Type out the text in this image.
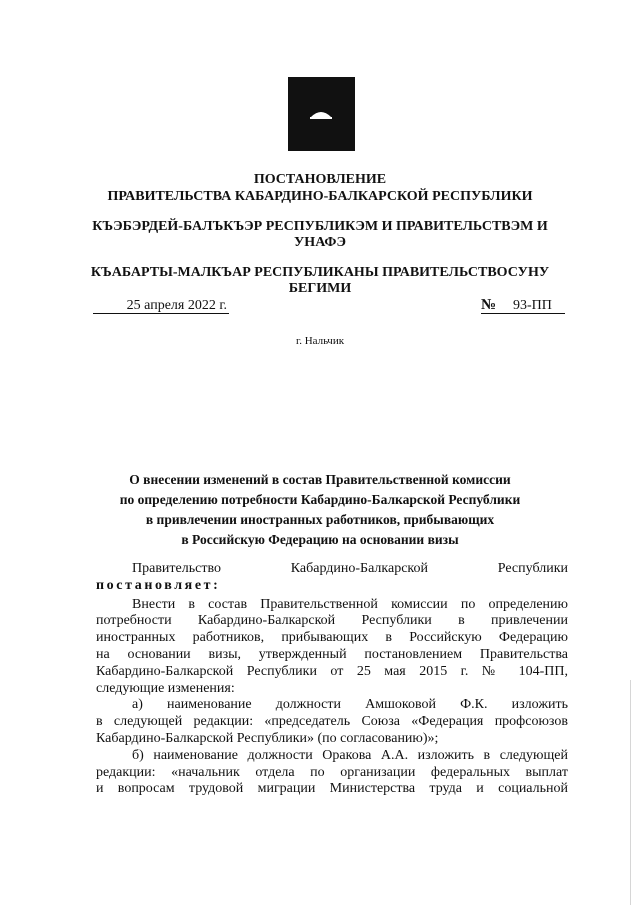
ПОСТАНОВЛЕНИЕ
ПРАВИТЕЛЬСТВА КАБАРДИНО-БАЛКАРСКОЙ РЕСПУБЛИКИ
КЪЭБЭРДЕЙ-БАЛЪКЪЭР РЕСПУБЛИКЭМ И ПРАВИТЕЛЬСТВЭМ И
УНАФЭ
КЪАБАРТЫ-МАЛКЪАР РЕСПУБЛИКАНЫ ПРАВИТЕЛЬСТВОСУНУ
БЕГИМИ
25 апреля 2022 г.	№ 93-ПП
г. Нальчик
О внесении изменений в состав Правительственной комиссии
по определению потребности Кабардино-Балкарской Республики
в привлечении иностранных работников, прибывающих
в Российскую Федерацию на основании визы
Правительство Кабардино-Балкарской Республики
постановляет:
Внести в состав Правительственной комиссии по определению
потребности Кабардино-Балкарской Республики в привлечении
иностранных работников, прибывающих в Российскую Федерацию
на основании визы, утвержденный постановлением Правительства
Кабардино-Балкарской Республики от 25 мая 2015 г. № 104-ПП,
следующие изменения:
а) наименование должности Амшоковой Ф.К. изложить
в следующей редакции: «председатель Союза «Федерация профсоюзов
Кабардино-Балкарской Республики» (по согласованию)»;
б) наименование должности Оракова А.А. изложить в следующей
редакции: «начальник отдела по организации федеральных выплат
и вопросам трудовой миграции Министерства труда и социальной
